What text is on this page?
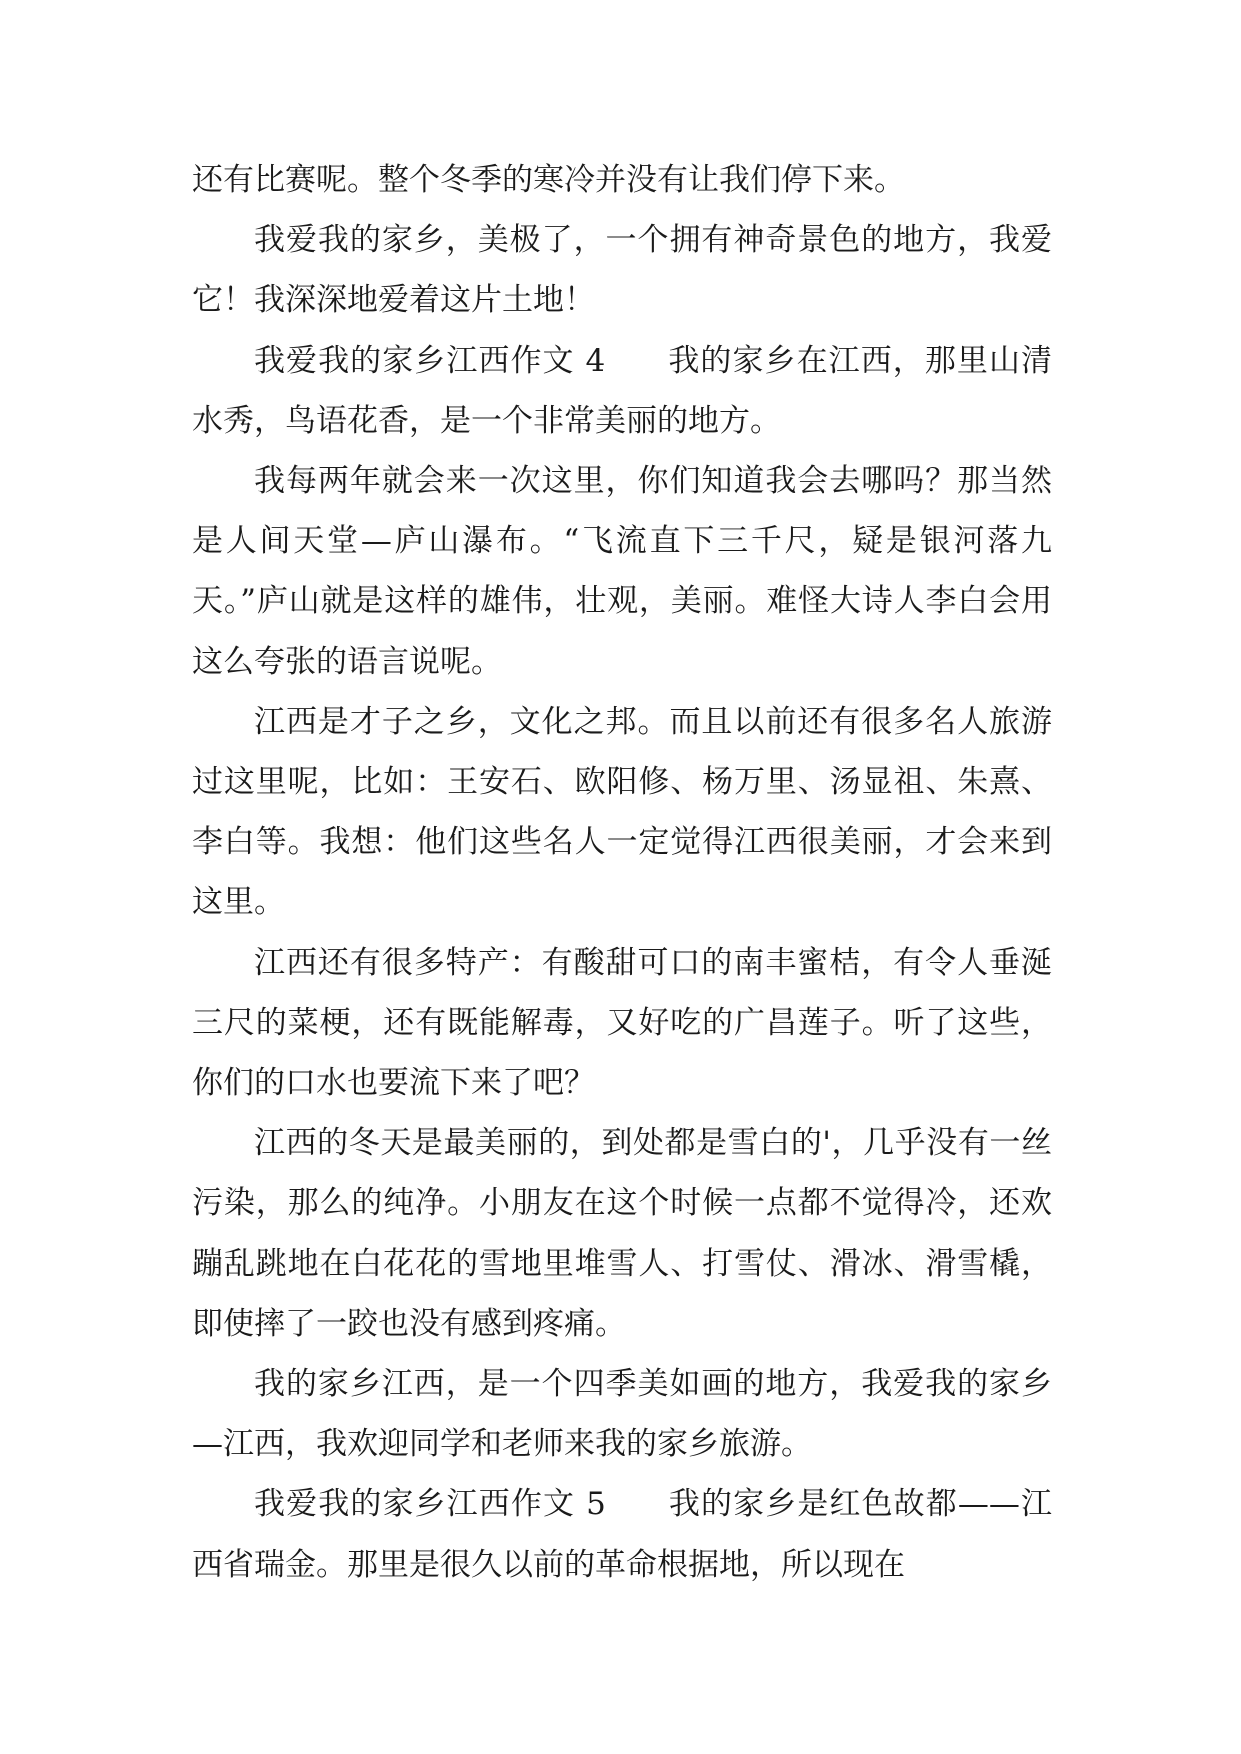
还有比赛呢。整个冬季的寒冷并没有让我们停下来。

我爱我的家乡，美极了，一个拥有神奇景色的地方，我爱它！我深深地爱着这片土地！

我爱我的家乡江西作文 4 我的家乡在江西，那里山清水秀，鸟语花香，是一个非常美丽的地方。

我每两年就会来一次这里，你们知道我会去哪吗？那当然是人间天堂—庐山瀑布。“飞流直下三千尺，疑是银河落九天。”庐山就是这样的雄伟，壮观，美丽。难怪大诗人李白会用这么夸张的语言说呢。

江西是才子之乡，文化之邦。而且以前还有很多名人旅游过这里呢，比如：王安石、欧阳修、杨万里、汤显祖、朱熹、李白等。我想：他们这些名人一定觉得江西很美丽，才会来到这里。

江西还有很多特产：有酸甜可口的南丰蜜桔，有令人垂涎三尺的菜梗，还有既能解毒，又好吃的广昌莲子。听了这些，你们的口水也要流下来了吧？

江西的冬天是最美丽的，到处都是雪白的'，几乎没有一丝污染，那么的纯净。小朋友在这个时候一点都不觉得冷，还欢蹦乱跳地在白花花的雪地里堆雪人、打雪仗、滑冰、滑雪橇，即使摔了一跤也没有感到疼痛。

我的家乡江西，是一个四季美如画的地方，我爱我的家乡—江西，我欢迎同学和老师来我的家乡旅游。

我爱我的家乡江西作文 5 我的家乡是红色故都——江西省瑞金。那里是很久以前的革命根据地，所以现在
